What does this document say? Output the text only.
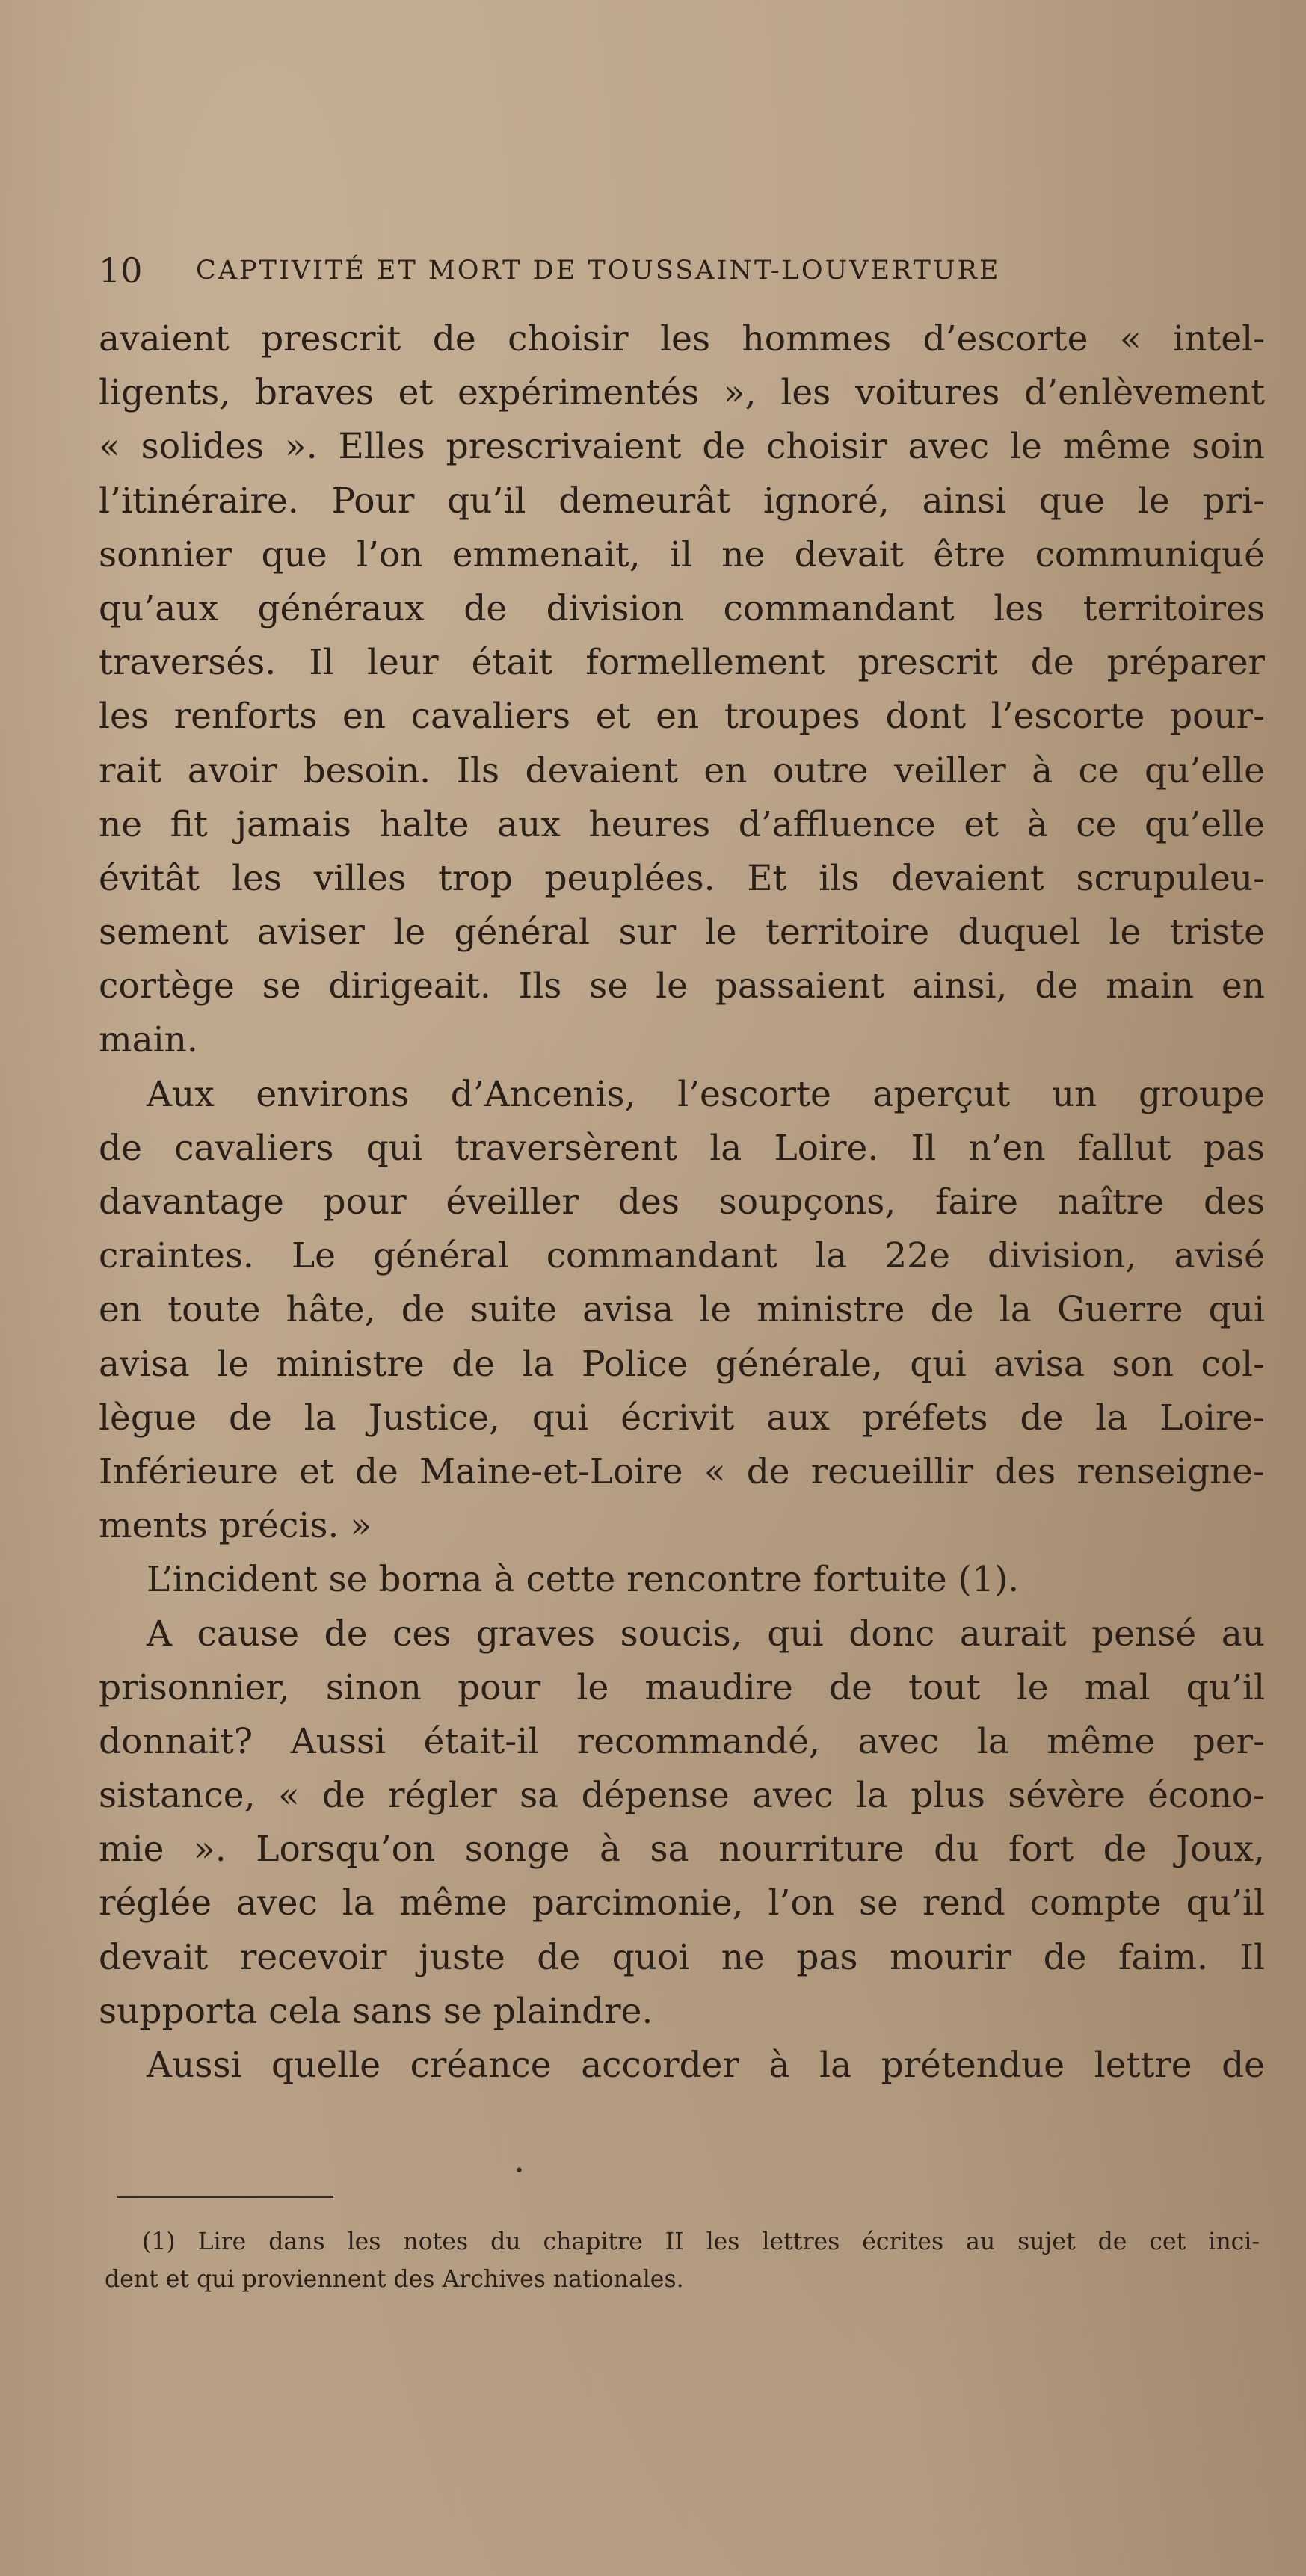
10 CAPTIVITÉ ET MORT DE TOUSSAINT-LOUVERTURE
avaient prescrit de choisir les hommes d’escorte « intel-
ligents, braves et expérimentés », les voitures d’enlèvement
« solides ». Elles prescrivaient de choisir avec le même soin
l’itinéraire. Pour qu’il demeurât ignoré, ainsi que le pri-
sonnier que l’on emmenait, il ne devait être communiqué
qu’aux généraux de division commandant les territoires
traversés. Il leur était formellement prescrit de préparer
les renforts en cavaliers et en troupes dont l’escorte pour-
rait avoir besoin. Ils devaient en outre veiller à ce qu’elle
ne fit jamais halte aux heures d’affluence et à ce qu’elle
évitât les villes trop peuplées. Et ils devaient scrupuleu-
sement aviser le général sur le territoire duquel le triste
cortège se dirigeait. Ils se le passaient ainsi, de main en
main.
Aux environs d’Ancenis, l’escorte aperçut un groupe
de cavaliers qui traversèrent la Loire. Il n’en fallut pas
davantage pour éveiller des soupçons, faire naître des
craintes. Le général commandant la 22e division, avisé
en toute hâte, de suite avisa le ministre de la Guerre qui
avisa le ministre de la Police générale, qui avisa son col-
lègue de la Justice, qui écrivit aux préfets de la Loire-
Inférieure et de Maine-et-Loire « de recueillir des renseigne-
ments précis. »
L’incident se borna à cette rencontre fortuite (1).
A cause de ces graves soucis, qui donc aurait pensé au
prisonnier, sinon pour le maudire de tout le mal qu’il
donnait? Aussi était-il recommandé, avec la même per-
sistance, « de régler sa dépense avec la plus sévère écono-
mie ». Lorsqu’on songe à sa nourriture du fort de Joux,
réglée avec la même parcimonie, l’on se rend compte qu’il
devait recevoir juste de quoi ne pas mourir de faim. Il
supporta cela sans se plaindre.
Aussi quelle créance accorder à la prétendue lettre de
•
(1) Lire dans les notes du chapitre II les lettres écrites au sujet de cet inci-
dent et qui proviennent des Archives nationales.
